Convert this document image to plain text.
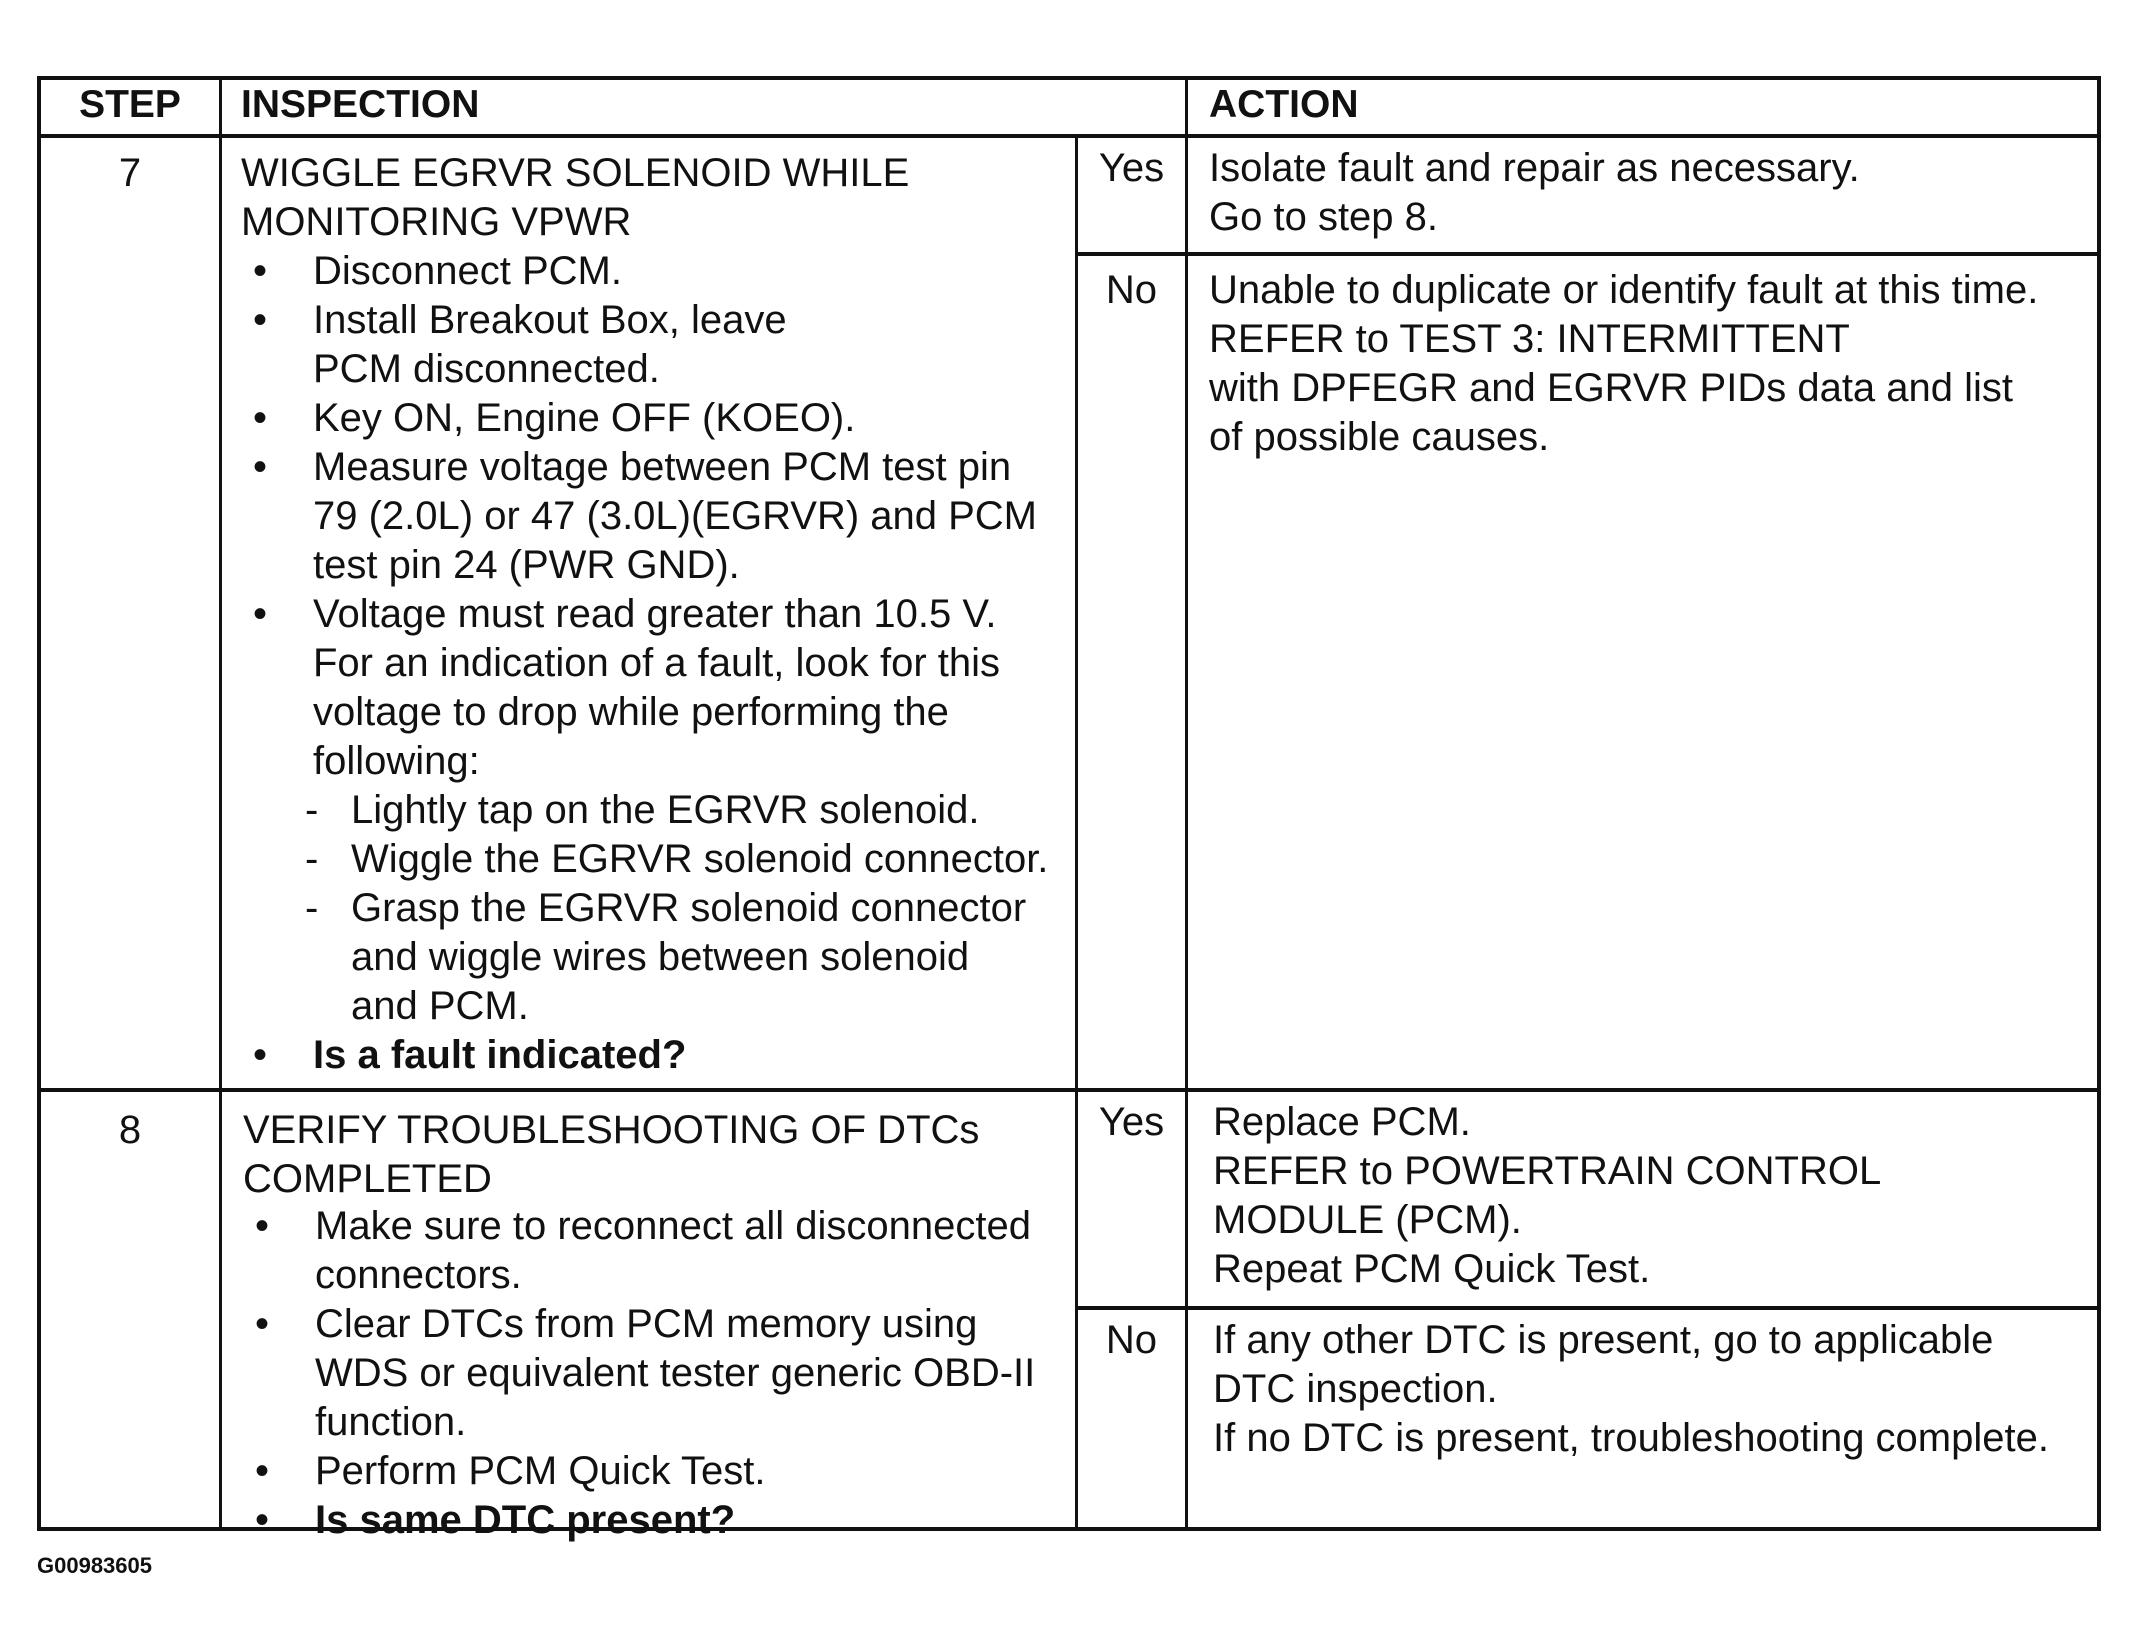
STEP	INSPECTION	ACTION
7	WIGGLE EGRVR SOLENOID WHILE
MONITORING VPWR
• Disconnect PCM.
• Install Breakout Box, leave PCM disconnected.
• Key ON, Engine OFF (KOEO).
• Measure voltage between PCM test pin 79 (2.0L) or 47 (3.0L)(EGRVR) and PCM test pin 24 (PWR GND).
• Voltage must read greater than 10.5 V. For an indication of a fault, look for this voltage to drop while performing the following:
- Lightly tap on the EGRVR solenoid.
- Wiggle the EGRVR solenoid connector.
- Grasp the EGRVR solenoid connector and wiggle wires between solenoid and PCM.
• Is a fault indicated?
Yes	Isolate fault and repair as necessary.
Go to step 8.
No	Unable to duplicate or identify fault at this time.
REFER to TEST 3: INTERMITTENT
with DPFEGR and EGRVR PIDs data and list
of possible causes.
8	VERIFY TROUBLESHOOTING OF DTCs
COMPLETED
• Make sure to reconnect all disconnected connectors.
• Clear DTCs from PCM memory using WDS or equivalent tester generic OBD-II function.
• Perform PCM Quick Test.
• Is same DTC present?
Yes	Replace PCM.
REFER to POWERTRAIN CONTROL
MODULE (PCM).
Repeat PCM Quick Test.
No	If any other DTC is present, go to applicable
DTC inspection.
If no DTC is present, troubleshooting complete.
G00983605
